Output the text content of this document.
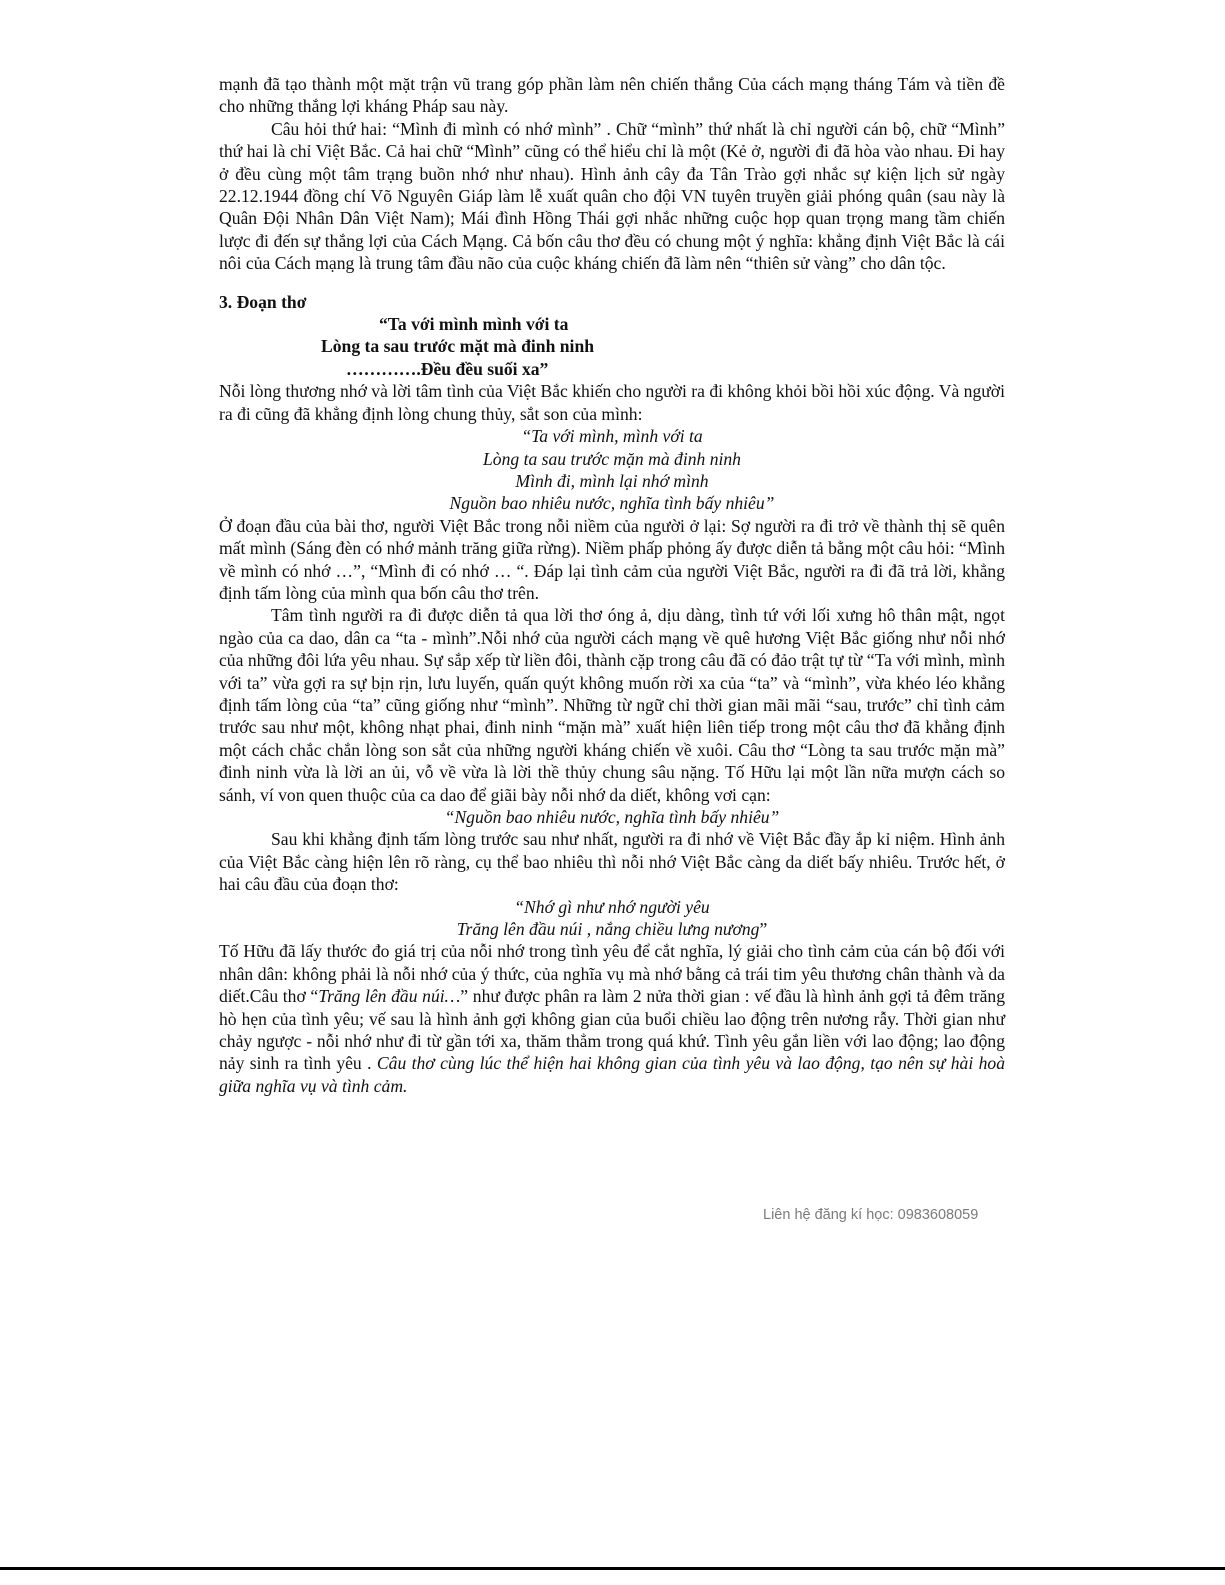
mạnh đã tạo thành một mặt trận vũ trang góp phần làm nên chiến thắng Của cách mạng tháng Tám và tiền đề cho những thắng lợi kháng Pháp sau này.

Câu hỏi thứ hai: “Mình đi mình có nhớ mình” . Chữ “mình” thứ nhất là chỉ người cán bộ, chữ “Mình” thứ hai là chỉ Việt Bắc. Cả hai chữ “Mình” cũng có thể hiểu chỉ là một (Kẻ ở, người đi đã hòa vào nhau. Đi hay ở đều cùng một tâm trạng buồn nhớ như nhau). Hình ảnh cây đa Tân Trào gợi nhắc sự kiện lịch sử ngày 22.12.1944 đồng chí Võ Nguyên Giáp làm lễ xuất quân cho đội VN tuyên truyền giải phóng quân (sau này là Quân Đội Nhân Dân Việt Nam); Mái đình Hồng Thái gợi nhắc những cuộc họp quan trọng mang tầm chiến lược đi đến sự thắng lợi của Cách Mạng. Cả bốn câu thơ đều có chung một ý nghĩa: khẳng định Việt Bắc là cái nôi của Cách mạng là trung tâm đầu não của cuộc kháng chiến đã làm nên “thiên sử vàng” cho dân tộc.

3. Đoạn thơ

“Ta với mình mình với ta

Lòng ta sau trước mặt mà đinh ninh

………….Đều đều suối xa”

Nỗi lòng thương nhớ và lời tâm tình của Việt Bắc khiến cho người ra đi không khỏi bồi hồi xúc động. Và người ra đi cũng đã khẳng định lòng chung thủy, sắt son của mình:

“Ta với mình, mình với ta

Lòng ta sau trước mặn mà đinh ninh

Mình đi, mình lại nhớ mình

Nguồn bao nhiêu nước, nghĩa tình bấy nhiêu”

Ở đoạn đầu của bài thơ, người Việt Bắc trong nỗi niềm của người ở lại: Sợ người ra đi trở về thành thị sẽ quên mất mình (Sáng đèn có nhớ mảnh trăng giữa rừng). Niềm phấp phỏng ấy được diễn tả bằng một câu hỏi: “Mình về mình có nhớ …”, “Mình đi có nhớ … “. Đáp lại tình cảm của người Việt Bắc, người ra đi đã trả lời, khẳng định tấm lòng của mình qua bốn câu thơ trên.

Tâm tình người ra đi được diễn tả qua lời thơ óng ả, dịu dàng, tình tứ với lối xưng hô thân mật, ngọt ngào của ca dao, dân ca “ta - mình”.Nỗi nhớ của người cách mạng về quê hương Việt Bắc giống như nỗi nhớ của những đôi lứa yêu nhau. Sự sắp xếp từ liền đôi, thành cặp trong câu đã có đảo trật tự từ “Ta với mình, mình với ta” vừa gợi ra sự bịn rịn, lưu luyến, quấn quýt không muốn rời xa của “ta” và “mình”, vừa khéo léo khẳng định tấm lòng của “ta” cũng giống như “mình”. Những từ ngữ chỉ thời gian mãi mãi “sau, trước” chỉ tình cảm trước sau như một, không nhạt phai, đinh ninh “mặn mà” xuất hiện liên tiếp trong một câu thơ đã khẳng định một cách chắc chắn lòng son sắt của những người kháng chiến về xuôi. Câu thơ “Lòng ta sau trước mặn mà” đinh ninh vừa là lời an ủi, vỗ về vừa là lời thề thủy chung sâu nặng. Tố Hữu lại một lần nữa mượn cách so sánh, ví von quen thuộc của ca dao để giãi bày nỗi nhớ da diết, không vơi cạn:

“Nguồn bao nhiêu nước, nghĩa tình bấy nhiêu”

Sau khi khẳng định tấm lòng trước sau như nhất, người ra đi nhớ về Việt Bắc đầy ắp kỉ niệm. Hình ảnh của Việt Bắc càng hiện lên rõ ràng, cụ thể bao nhiêu thì nỗi nhớ Việt Bắc càng da diết bấy nhiêu. Trước hết, ở hai câu đầu của đoạn thơ:

“Nhớ gì như nhớ người yêu

Trăng lên đầu núi , nắng chiều lưng nương”

Tố Hữu đã lấy thước đo giá trị của nỗi nhớ trong tình yêu để cắt nghĩa, lý giải cho tình cảm của cán bộ đối với nhân dân: không phải là nỗi nhớ của ý thức, của nghĩa vụ mà nhớ bằng cả trái tim yêu thương chân thành và da diết.Câu thơ “Trăng lên đầu núi…” như được phân ra làm 2 nửa thời gian : vế đầu là hình ảnh gợi tả đêm trăng hò hẹn của tình yêu; vế sau là hình ảnh gợi không gian của buổi chiều lao động trên nương rẫy. Thời gian như chảy ngược - nỗi nhớ như đi từ gần tới xa, thăm thẳm trong quá khứ. Tình yêu gắn liền với lao động; lao động nảy sinh ra tình yêu . Câu thơ cùng lúc thể hiện hai không gian của tình yêu và lao động, tạo nên sự hài hoà giữa nghĩa vụ và tình cảm.

Liên hệ đăng kí học: 0983608059
